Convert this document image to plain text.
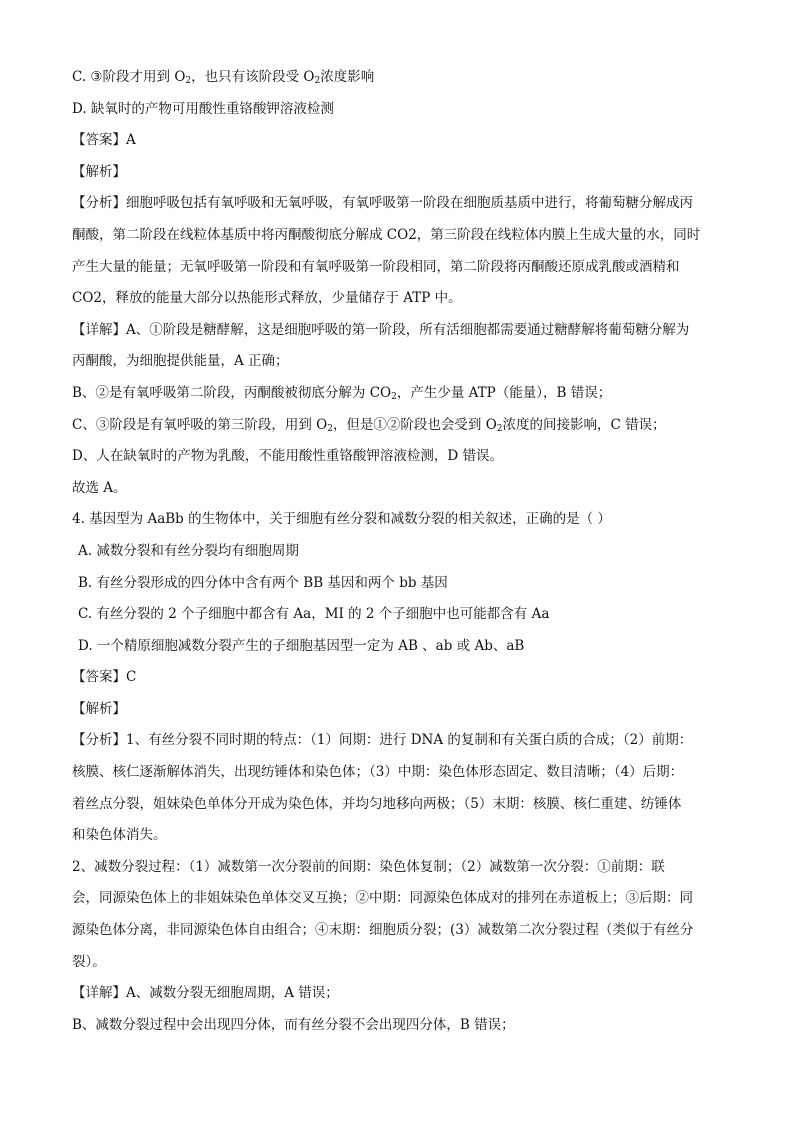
C. ③阶段才用到 $O_2$，也只有该阶段受 $O_2$浓度影响
D. 缺氧时的产物可用酸性重铬酸钾溶液检测
【答案】A
【解析】
【分析】细胞呼吸包括有氧呼吸和无氧呼吸，有氧呼吸第一阶段在细胞质基质中进行，将葡萄糖分解成丙
酮酸，第二阶段在线粒体基质中将丙酮酸彻底分解成 CO2，第三阶段在线粒体内膜上生成大量的水，同时
产生大量的能量；无氧呼吸第一阶段和有氧呼吸第一阶段相同，第二阶段将丙酮酸还原成乳酸或酒精和
CO2，释放的能量大部分以热能形式释放，少量储存于 ATP 中。
【详解】A、①阶段是糖酵解，这是细胞呼吸的第一阶段，所有活细胞都需要通过糖酵解将葡萄糖分解为
丙酮酸，为细胞提供能量，A 正确；
B、②是有氧呼吸第二阶段，丙酮酸被彻底分解为 $CO_2$，产生少量 ATP（能量），B 错误；
C、③阶段是有氧呼吸的第三阶段，用到 $O_2$，但是①②阶段也会受到 $O_2$浓度的间接影响，C 错误；
D、人在缺氧时的产物为乳酸，不能用酸性重铬酸钾溶液检测，D 错误。
故选 A。
4. 基因型为 AaBb 的生物体中，关于细胞有丝分裂和减数分裂的相关叙述，正确的是（ ）
A. 减数分裂和有丝分裂均有细胞周期
B. 有丝分裂形成的四分体中含有两个 BB 基因和两个 bb 基因
C. 有丝分裂的 2 个子细胞中都含有 Aa，MI 的 2 个子细胞中也可能都含有 Aa
D. 一个精原细胞减数分裂产生的子细胞基因型一定为 AB 、ab 或 Ab、aB
【答案】C
【解析】
【分析】1、有丝分裂不同时期的特点：（1）间期：进行 DNA 的复制和有关蛋白质的合成；（2）前期：
核膜、核仁逐渐解体消失，出现纺锤体和染色体；（3）中期：染色体形态固定、数目清晰；（4）后期：
着丝点分裂，姐妹染色单体分开成为染色体，并均匀地移向两极；（5）末期：核膜、核仁重建、纺锤体
和染色体消失。
2、减数分裂过程：（1）减数第一次分裂前的间期：染色体复制；（2）减数第一次分裂：①前期：联
会，同源染色体上的非姐妹染色单体交叉互换；②中期：同源染色体成对的排列在赤道板上；③后期：同
源染色体分离，非同源染色体自由组合；④末期：细胞质分裂；(3）减数第二次分裂过程（类似于有丝分
裂）。
【详解】A、减数分裂无细胞周期，A 错误；
B、减数分裂过程中会出现四分体，而有丝分裂不会出现四分体，B 错误；
